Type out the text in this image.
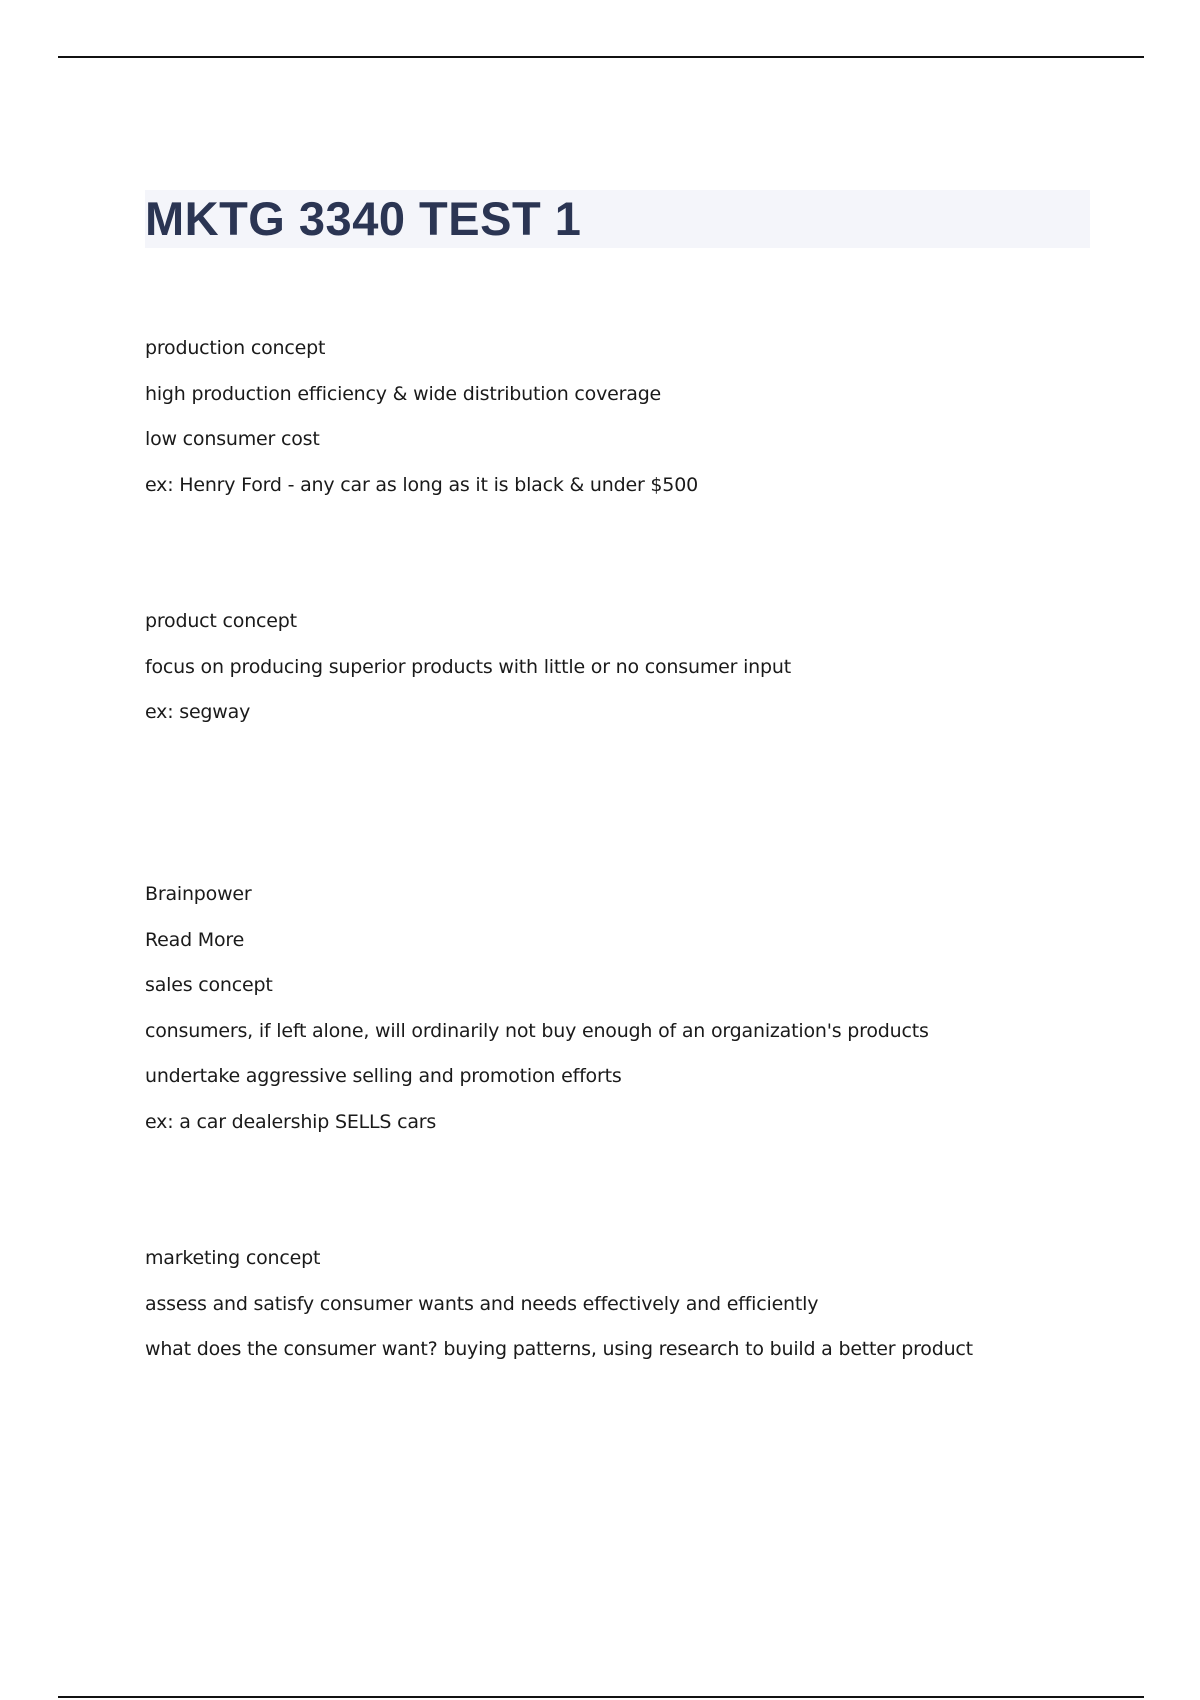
MKTG 3340 TEST 1

production concept

high production efficiency & wide distribution coverage

low consumer cost

ex: Henry Ford - any car as long as it is black & under $500

product concept

focus on producing superior products with little or no consumer input

ex: segway

Brainpower

Read More

sales concept

consumers, if left alone, will ordinarily not buy enough of an organization's products

undertake aggressive selling and promotion efforts

ex: a car dealership SELLS cars

marketing concept

assess and satisfy consumer wants and needs effectively and efficiently

what does the consumer want? buying patterns, using research to build a better product
